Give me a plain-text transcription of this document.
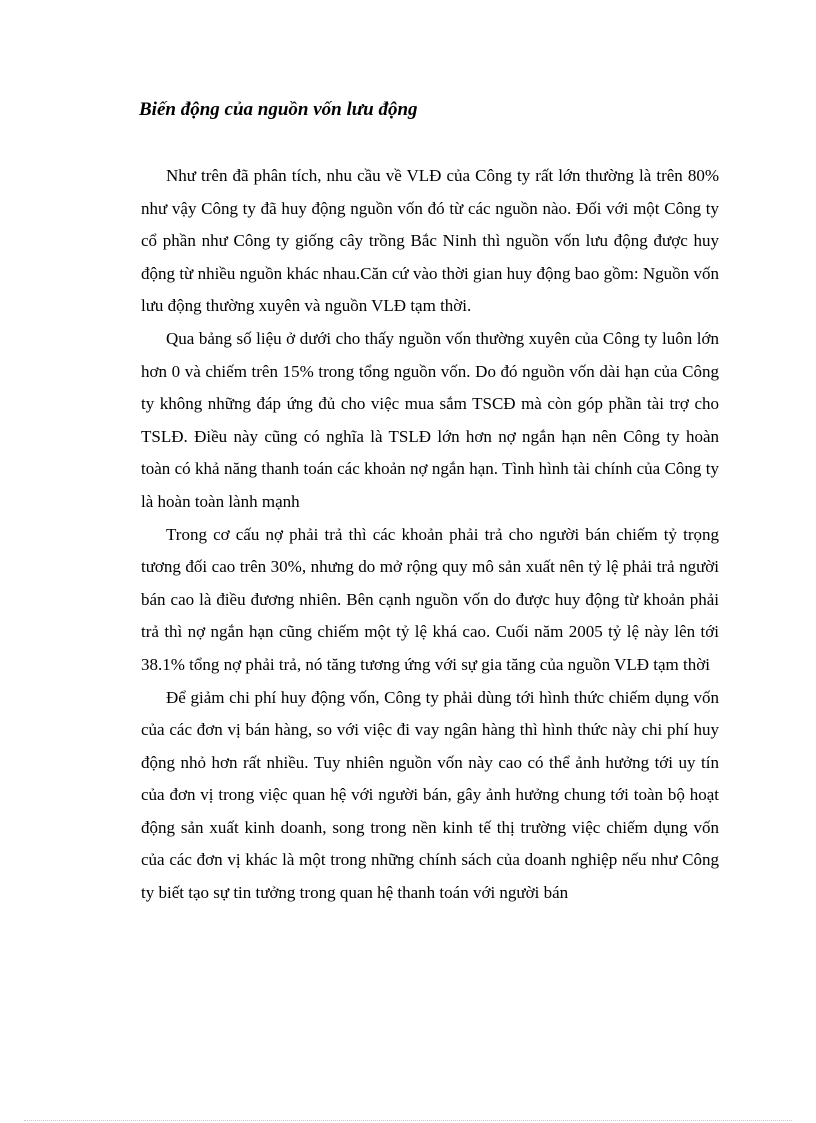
Biến động của nguồn vốn lưu động

Như trên đã phân tích, nhu cầu về VLĐ của Công ty rất lớn thường là trên 80% như vậy Công ty đã huy động nguồn vốn đó từ các nguồn nào. Đối với một Công ty cổ phần như Công ty giống cây trồng Bắc Ninh thì nguồn vốn lưu động được huy động từ nhiều nguồn khác nhau.Căn cứ vào thời gian huy động bao gồm: Nguồn vốn lưu động thường xuyên và nguồn VLĐ tạm thời.

Qua bảng số liệu ở dưới cho thấy nguồn vốn thường xuyên của Công ty luôn lớn hơn 0 và chiếm trên 15% trong tổng nguồn vốn. Do đó nguồn vốn dài hạn của Công ty không những đáp ứng đủ cho việc mua sắm TSCĐ mà còn góp phần tài trợ cho TSLĐ. Điều này cũng có nghĩa là TSLĐ lớn hơn nợ ngắn hạn nên Công ty hoàn toàn có khả năng thanh toán các khoản nợ ngắn hạn. Tình hình tài chính của Công ty là hoàn toàn lành mạnh

Trong cơ cấu nợ phải trả thì các khoản phải trả cho người bán chiếm tỷ trọng tương đối cao trên 30%, nhưng do mở rộng quy mô sản xuất nên tỷ lệ phải trả người bán cao là điều đương nhiên. Bên cạnh nguồn vốn do được huy động từ khoản phải trả thì nợ ngắn hạn cũng chiếm một tỷ lệ khá cao. Cuối năm 2005 tỷ lệ này lên tới 38.1% tổng nợ phải trả, nó tăng tương ứng với sự gia tăng của nguồn VLĐ tạm thời

Để giảm chi phí huy động vốn, Công ty phải dùng tới hình thức chiếm dụng vốn của các đơn vị bán hàng, so với việc đi vay ngân hàng thì hình thức này chi phí huy động nhỏ hơn rất nhiều. Tuy nhiên nguồn vốn này cao có thể ảnh hưởng tới uy tín của đơn vị trong việc quan hệ với người bán, gây ảnh hưởng chung tới toàn bộ hoạt động sản xuất kinh doanh, song trong nền kinh tế thị trường việc chiếm dụng vốn của các đơn vị khác là một trong những chính sách của doanh nghiệp nếu như Công ty biết tạo sự tin tưởng trong quan hệ thanh toán với người bán
